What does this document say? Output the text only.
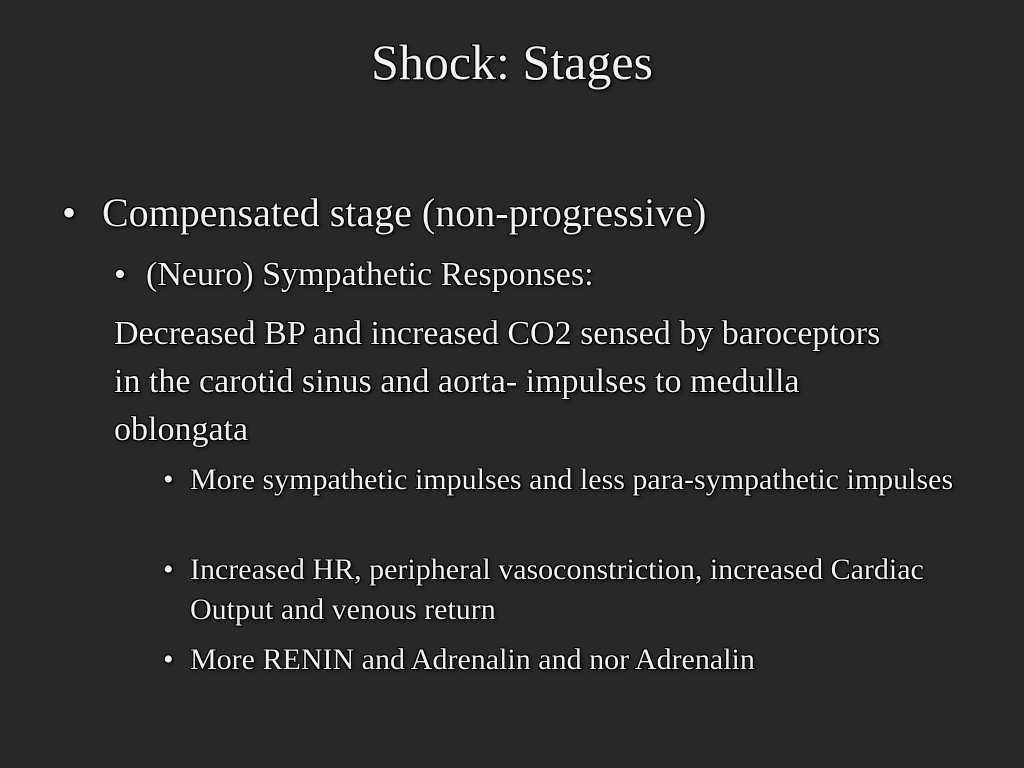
Shock: Stages
• Compensated stage (non-progressive)
• (Neuro) Sympathetic Responses:

Decreased BP and increased CO2 sensed by baroceptors in the carotid sinus and aorta- impulses to medulla oblongata

• More sympathetic impulses and less para-sympathetic impulses
• Increased HR, peripheral vasoconstriction, increased Cardiac Output and venous return
• More RENIN and Adrenalin and nor Adrenalin
